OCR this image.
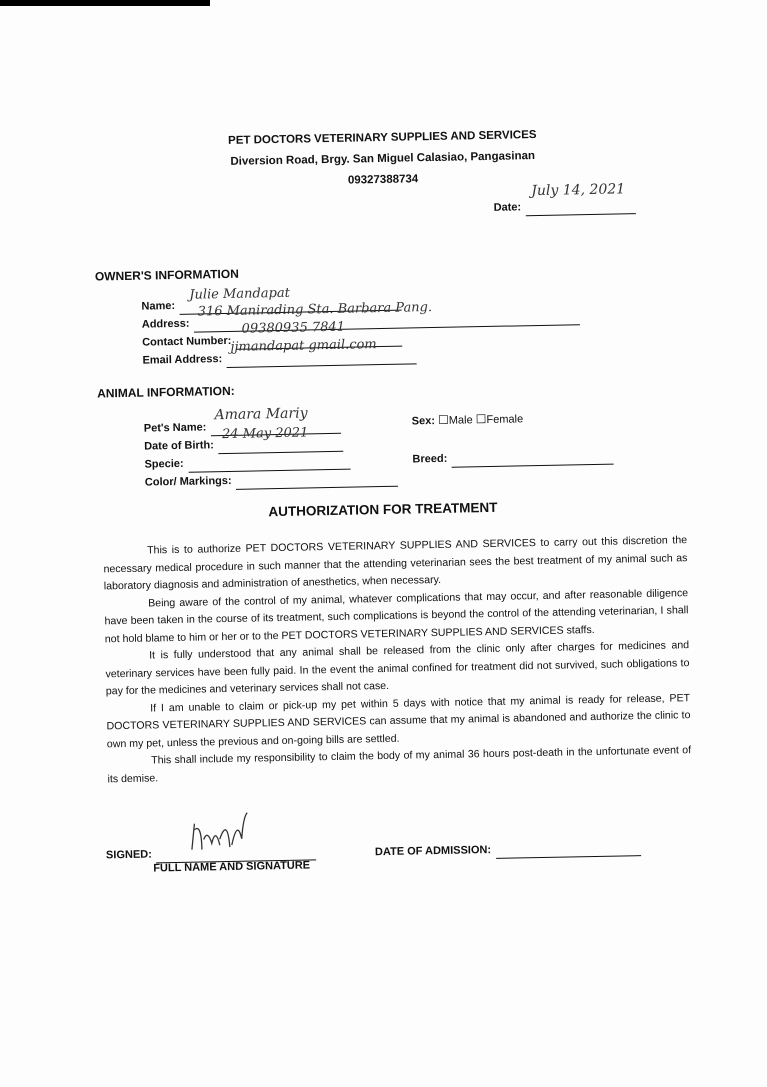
PET DOCTORS VETERINARY SUPPLIES AND SERVICES
Diversion Road, Brgy. San Miguel Calasiao, Pangasinan
09327388734
Date:
July 14, 2021

OWNER'S INFORMATION
Name:
Julie Mandapat
Address:
316 Manirading Sta. Barbara Pang.
Contact Number:
09380935 7841
Email Address:
jjmandapat gmail.com
ANIMAL INFORMATION:
Pet's Name:
Amara Mariy
Date of Birth:
24 May 2021
Specie:
Color/ Markings:
Sex: ☐Male ☐Female
Breed:
AUTHORIZATION FOR TREATMENT

This is to authorize PET DOCTORS VETERINARY SUPPLIES AND SERVICES to carry out this discretion the necessary medical procedure in such manner that the attending veterinarian sees the best treatment of my animal such as laboratory diagnosis and administration of anesthetics, when necessary.

Being aware of the control of my animal, whatever complications that may occur, and after reasonable diligence have been taken in the course of its treatment, such complications is beyond the control of the attending veterinarian, I shall not hold blame to him or her or to the PET DOCTORS VETERINARY SUPPLIES AND SERVICES staffs.

It is fully understood that any animal shall be released from the clinic only after charges for medicines and veterinary services have been fully paid. In the event the animal confined for treatment did not survived, such obligations to pay for the medicines and veterinary services shall not case.

If I am unable to claim or pick-up my pet within 5 days with notice that my animal is ready for release, PET DOCTORS VETERINARY SUPPLIES AND SERVICES can assume that my animal is abandoned and authorize the clinic to own my pet, unless the previous and on-going bills are settled.

This shall include my responsibility to claim the body of my animal 36 hours post-death in the unfortunate event of its demise.

SIGNED:
FULL NAME AND SIGNATURE
DATE OF ADMISSION:
